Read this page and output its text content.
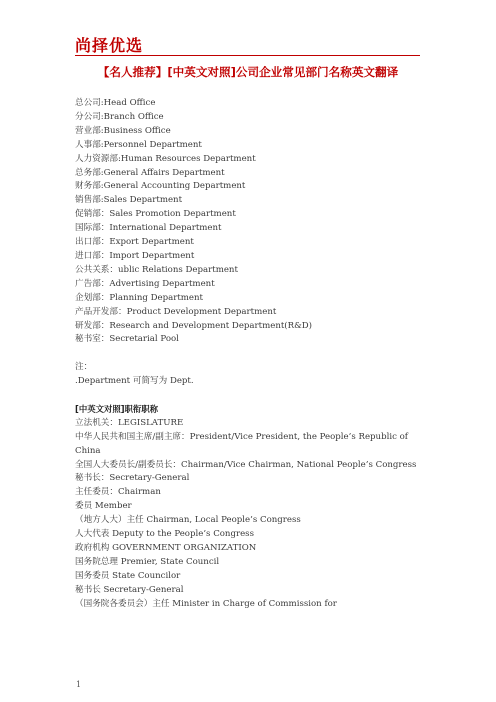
尚择优选
【名人推荐】[中英文对照]公司企业常见部门名称英文翻译
总公司:Head Office
分公司:Branch Office
营业部:Business Office
人事部:Personnel Department
人力资源部:Human Resources Department
总务部:General Affairs Department
财务部:General Accounting Department
销售部:Sales Department
促销部：Sales Promotion Department
国际部：International Department
出口部：Export Department
进口部：Import Department
公共关系：ublic Relations Department
广告部：Advertising Department
企划部：Planning Department
产品开发部：Product Development Department
研发部：Research and Development Department(R&D)
秘书室：Secretarial Pool
注：
.Department 可简写为 Dept.
[中英文对照]职衔职称
立法机关：LEGISLATURE
中华人民共和国主席/副主席：President/Vice President, the People’s Republic of China
全国人大委员长/副委员长：Chairman/Vice Chairman, National People’s Congress
秘书长：Secretary-General
主任委员：Chairman
委员 Member
（地方人大）主任 Chairman, Local People’s Congress
人大代表 Deputy to the People’s Congress
政府机构 GOVERNMENT ORGANIZATION
国务院总理 Premier, State Council
国务委员 State Councilor
秘书长 Secretary-General
（国务院各委员会）主任 Minister in Charge of Commission for
1
